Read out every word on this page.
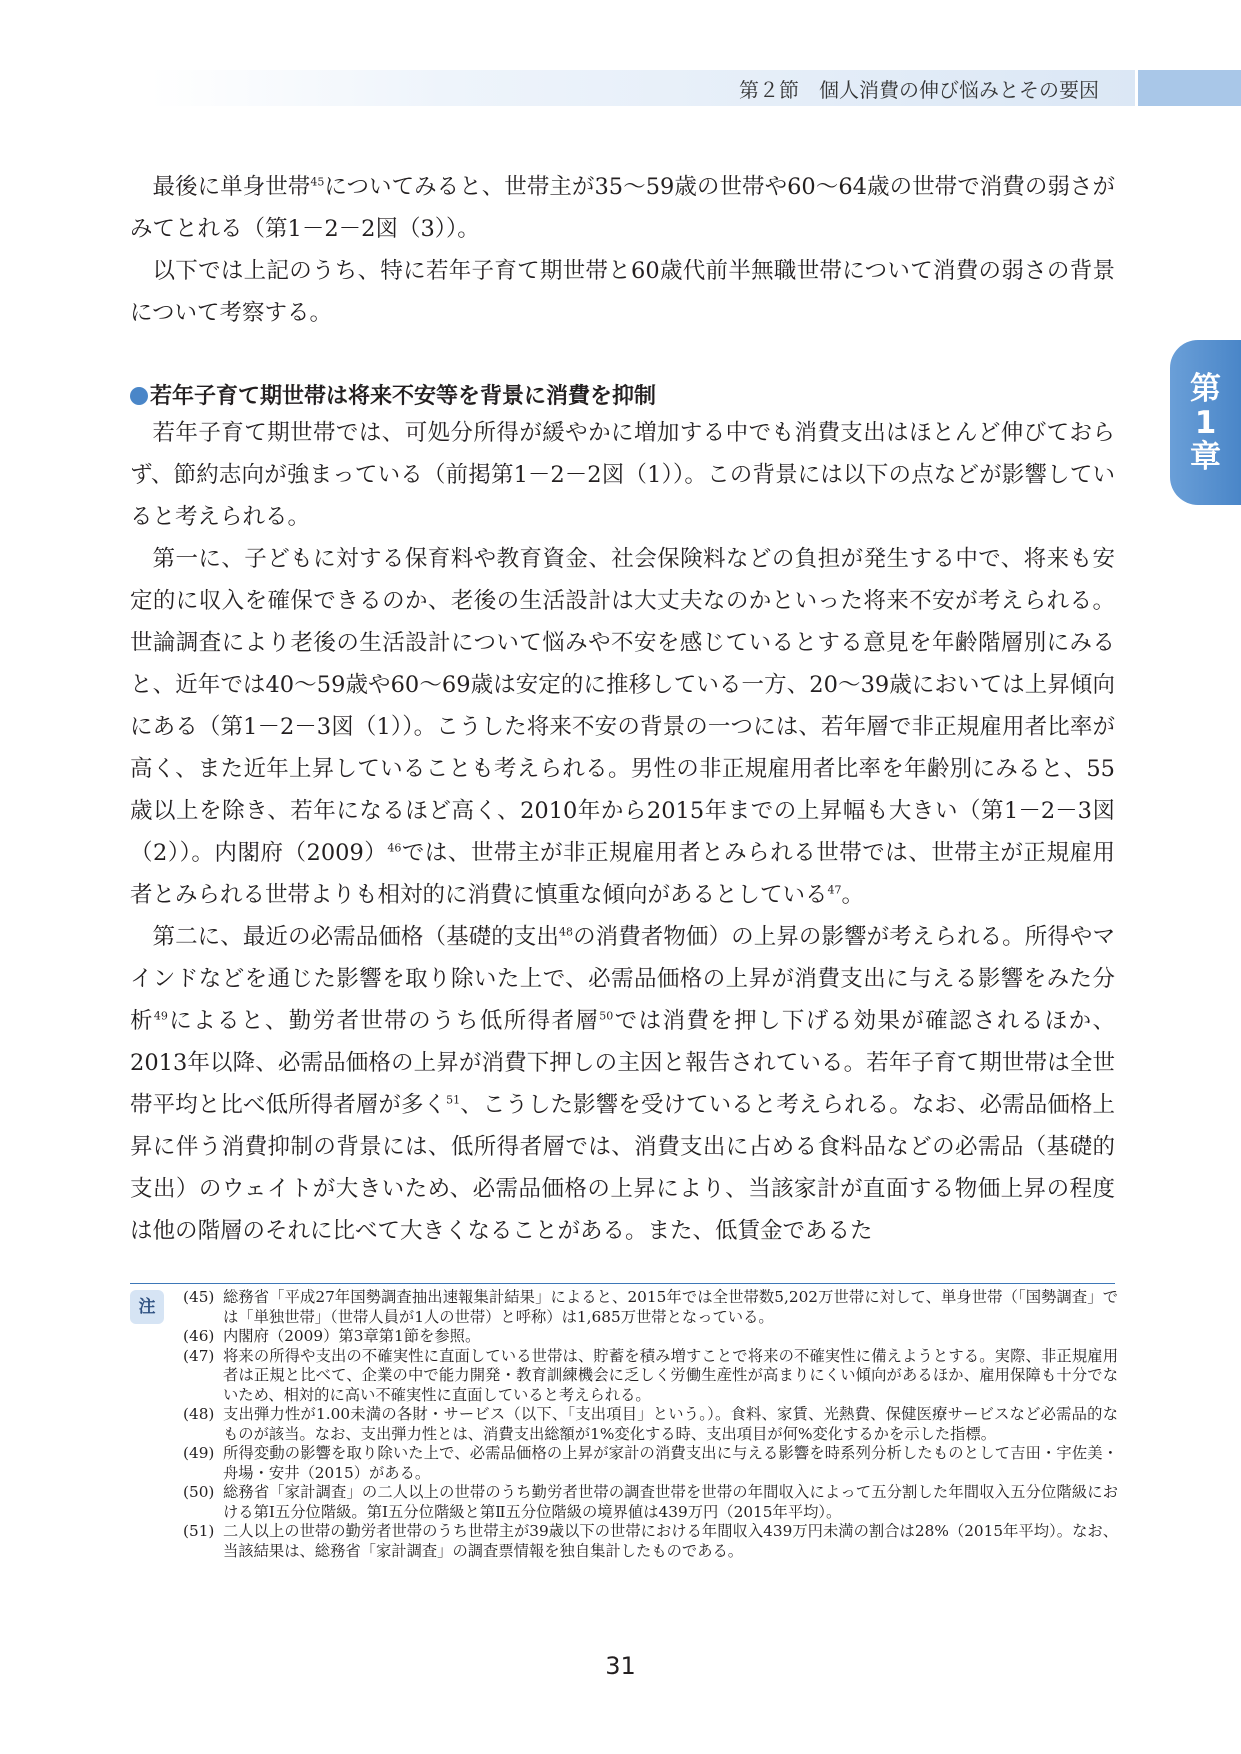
第２節　個人消費の伸び悩みとその要因
第
1
章

最後に単身世帯$^{45}$についてみると、世帯主が35〜59歳の世帯や60〜64歳の世帯で消費の弱さがみてとれる（第1－2－2図（3））。

以下では上記のうち、特に若年子育て期世帯と60歳代前半無職世帯について消費の弱さの背景について考察する。

若年子育て期世帯は将来不安等を背景に消費を抑制

若年子育て期世帯では、可処分所得が緩やかに増加する中でも消費支出はほとんど伸びておらず、節約志向が強まっている（前掲第1－2－2図（1））。この背景には以下の点などが影響していると考えられる。

第一に、子どもに対する保育料や教育資金、社会保険料などの負担が発生する中で、将来も安定的に収入を確保できるのか、老後の生活設計は大丈夫なのかといった将来不安が考えられる。世論調査により老後の生活設計について悩みや不安を感じているとする意見を年齢階層別にみると、近年では40〜59歳や60〜69歳は安定的に推移している一方、20〜39歳においては上昇傾向にある（第1－2－3図（1））。こうした将来不安の背景の一つには、若年層で非正規雇用者比率が高く、また近年上昇していることも考えられる。男性の非正規雇用者比率を年齢別にみると、55歳以上を除き、若年になるほど高く、2010年から2015年までの上昇幅も大きい（第1－2－3図（2））。内閣府$(2009)^{46}$では、世帯主が非正規雇用者とみられる世帯では、世帯主が正規雇用者とみられる世帯よりも相対的に消費に慎重な傾向があるとしている$^{47}$。

第二に、最近の必需品価格（基礎的支出$^{48}$の消費者物価）の上昇の影響が考えられる。所得やマインドなどを通じた影響を取り除いた上で、必需品価格の上昇が消費支出に与える影響をみた分析$^{49}$によると、勤労者世帯のうち低所得者層$^{50}$では消費を押し下げる効果が確認されるほか、2013年以降、必需品価格の上昇が消費下押しの主因と報告されている。若年子育て期世帯は全世帯平均と比べ低所得者層が多く$^{51}$、こうした影響を受けていると考えられる。なお、必需品価格上昇に伴う消費抑制の背景には、低所得者層では、消費支出に占める食料品などの必需品（基礎的支出）のウェイトが大きいため、必需品価格の上昇により、当該家計が直面する物価上昇の程度は他の階層のそれに比べて大きくなることがある。また、低賃金であるた

注	(45) 総務省「平成27年国勢調査抽出速報集計結果」によると、2015年では全世帯数5,202万世帯に対して、単身世帯（「国勢調査」では「単独世帯」（世帯人員が1人の世帯）と呼称）は1,685万世帯となっている。
(46) 内閣府（2009）第3章第1節を参照。
(47) 将来の所得や支出の不確実性に直面している世帯は、貯蓄を積み増すことで将来の不確実性に備えようとする。実際、非正規雇用者は正規と比べて、企業の中で能力開発・教育訓練機会に乏しく労働生産性が高まりにくい傾向があるほか、雇用保障も十分でないため、相対的に高い不確実性に直面していると考えられる。
(48) 支出弾力性が1.00未満の各財・サービス（以下、「支出項目」という。）。食料、家賃、光熱費、保健医療サービスなど必需品的なものが該当。なお、支出弾力性とは、消費支出総額が1%変化する時、支出項目が何%変化するかを示した指標。
(49) 所得変動の影響を取り除いた上で、必需品価格の上昇が家計の消費支出に与える影響を時系列分析したものとして吉田・宇佐美・舟場・安井（2015）がある。
(50) 総務省「家計調査」の二人以上の世帯のうち勤労者世帯の調査世帯を世帯の年間収入によって五分割した年間収入五分位階級における第Ⅰ五分位階級。第Ⅰ五分位階級と第Ⅱ五分位階級の境界値は439万円（2015年平均）。
(51) 二人以上の世帯の勤労者世帯のうち世帯主が39歳以下の世帯における年間収入439万円未満の割合は28%（2015年平均）。なお、当該結果は、総務省「家計調査」の調査票情報を独自集計したものである。
31
